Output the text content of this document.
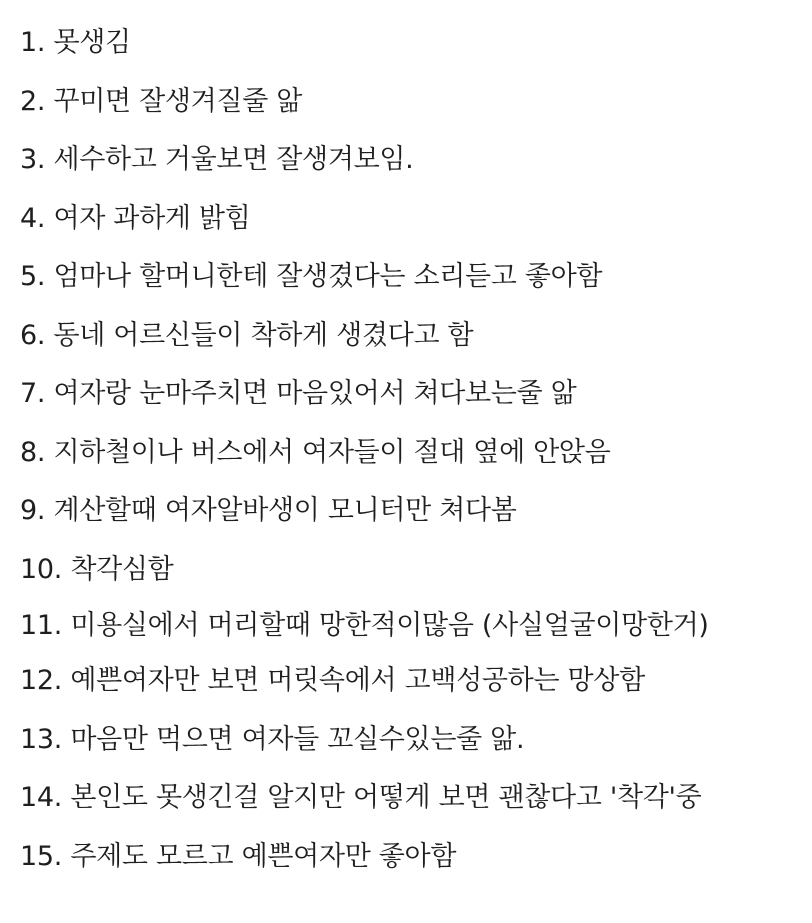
1. 못생김
2. 꾸미면 잘생겨질줄 앎
3. 세수하고 거울보면 잘생겨보임.
4. 여자 과하게 밝힘
5. 엄마나 할머니한테 잘생겼다는 소리듣고 좋아함
6. 동네 어르신들이 착하게 생겼다고 함
7. 여자랑 눈마주치면 마음있어서 쳐다보는줄 앎
8. 지하철이나 버스에서 여자들이 절대 옆에 안앉음
9. 계산할때 여자알바생이 모니터만 쳐다봄
10. 착각심함
11. 미용실에서 머리할때 망한적이많음 (사실얼굴이망한거)
12. 예쁜여자만 보면 머릿속에서 고백성공하는 망상함
13. 마음만 먹으면 여자들 꼬실수있는줄 앎.
14. 본인도 못생긴걸 알지만 어떻게 보면 괜찮다고 '착각'중
15. 주제도 모르고 예쁜여자만 좋아함
